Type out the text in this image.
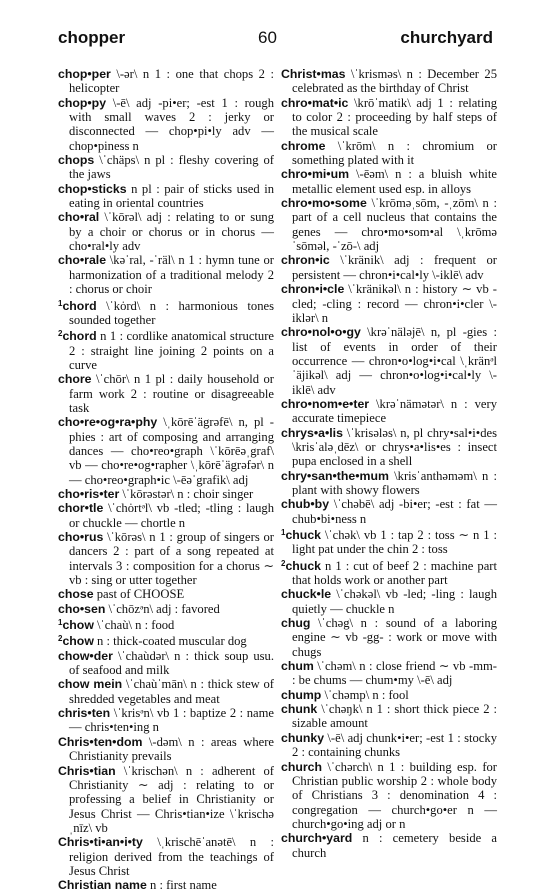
chopper	60	churchyard

chop•per \-ər\ n 1 : one that chops 2 : helicopter

chop•py \-ē\ adj -pi•er; -est 1 : rough with small waves 2 : jerky or disconnected — chop•pi•ly adv — chop•piness n

chops \ˈchäps\ n pl : fleshy covering of the jaws

chop•sticks n pl : pair of sticks used in eating in oriental countries

cho•ral \ˈkōrəl\ adj : relating to or sung by a choir or chorus or in chorus — cho•ral•ly adv

cho•rale \kəˈral, -ˈräl\ n 1 : hymn tune or harmonization of a traditional melody 2 : chorus or choir

$^1$chord \ˈkȯrd\ n : harmonious tones sounded together

$^2$chord n 1 : cordlike anatomical structure 2 : straight line joining 2 points on a curve

chore \ˈchōr\ n 1 pl : daily household or farm work 2 : routine or disagreeable task

cho•re•og•ra•phy \ˌkōrēˈägrəfē\ n, pl -phies : art of composing and arranging dances — cho•reo•graph \ˈkōrēəˌgraf\ vb — cho•re•og•rapher \ˌkōrēˈägrəfər\ n — cho•reo•graph•ic \-ēəˈgrafik\ adj

cho•ris•ter \ˈkōrəstər\ n : choir singer

chor•tle \ˈchȯrtᵊl\ vb -tled; -tling : laugh or chuckle — chortle n

cho•rus \ˈkōrəs\ n 1 : group of singers or dancers 2 : part of a song repeated at intervals 3 : composition for a chorus ∼ vb : sing or utter together

chose past of CHOOSE

cho•sen \ˈchōzᵊn\ adj : favored

$^1$chow \ˈchaù\ n : food

$^2$chow n : thick-coated muscular dog

chow•der \ˈchaùdər\ n : thick soup usu. of seafood and milk

chow mein \ˈchaùˈmān\ n : thick stew of shredded vegetables and meat

chris•ten \ˈkrisᵊn\ vb 1 : baptize 2 : name — chris•ten•ing n

Chris•ten•dom \-dəm\ n : areas where Christianity prevails

Chris•tian \ˈkrischən\ n : adherent of Christianity ∼ adj : relating to or professing a belief in Christianity or Jesus Christ — Chris•tian•ize \ˈkrischəˌnīz\ vb

Chris•ti•an•i•ty \ˌkrischēˈanətē\ n : religion derived from the teachings of Jesus Christ

Christian name n : first name

Christ•mas \ˈkrisməs\ n : December 25 celebrated as the birthday of Christ

chro•mat•ic \krōˈmatik\ adj 1 : relating to color 2 : proceeding by half steps of the musical scale

chrome \ˈkrōm\ n : chromium or something plated with it

chro•mi•um \-ēəm\ n : a bluish white metallic element used esp. in alloys

chro•mo•some \ˈkrōməˌsōm, -ˌzōm\ n : part of a cell nucleus that contains the genes — chro•mo•som•al \ˌkrōməˈsōməl, -ˈzō-\ adj

chron•ic \ˈkränik\ adj : frequent or persistent — chron•i•cal•ly \-iklē\ adv

chron•i•cle \ˈkränikəl\ n : history ∼ vb -cled; -cling : record — chron•i•cler \-iklər\ n

chro•nol•o•gy \krəˈnäləjē\ n, pl -gies : list of events in order of their occurrence — chron•o•log•i•cal \ˌkränᵊlˈäjikəl\ adj — chron•o•log•i•cal•ly \-iklē\ adv

chro•nom•e•ter \krəˈnämətər\ n : very accurate timepiece

chrys•a•lis \ˈkrisələs\ n, pl chry•sal•i•des \krisˈaləˌdēz\ or chrys•a•lis•es : insect pupa enclosed in a shell

chry•san•the•mum \krisˈanthəməm\ n : plant with showy flowers

chub•by \ˈchəbē\ adj -bi•er; -est : fat — chub•bi•ness n

$^1$chuck \ˈchək\ vb 1 : tap 2 : toss ∼ n 1 : light pat under the chin 2 : toss

$^2$chuck n 1 : cut of beef 2 : machine part that holds work or another part

chuck•le \ˈchəkəl\ vb -led; -ling : laugh quietly — chuckle n

chug \ˈchəg\ n : sound of a laboring engine ∼ vb -gg- : work or move with chugs

chum \ˈchəm\ n : close friend ∼ vb -mm- : be chums — chum•my \-ē\ adj

chump \ˈchəmp\ n : fool

chunk \ˈchəŋk\ n 1 : short thick piece 2 : sizable amount

chunky \-ē\ adj chunk•i•er; -est 1 : stocky 2 : containing chunks

church \ˈchərch\ n 1 : building esp. for Christian public worship 2 : whole body of Christians 3 : denomination 4 : congregation — church•go•er n — church•go•ing adj or n

church•yard n : cemetery beside a church
